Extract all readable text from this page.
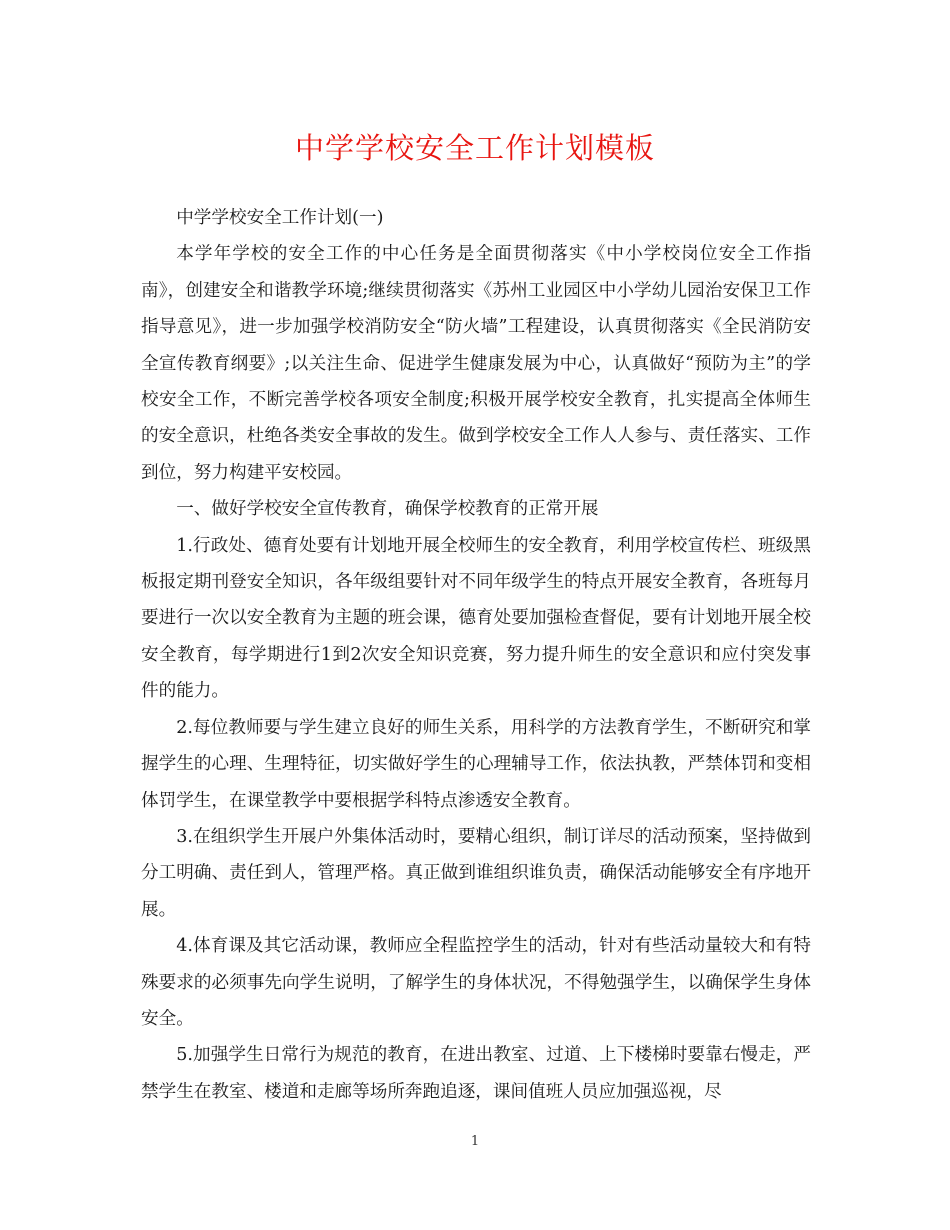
中学学校安全工作计划模板

中学学校安全工作计划(一)

本学年学校的安全工作的中心任务是全面贯彻落实《中小学校岗位安全工作指南》，创建安全和谐教学环境;继续贯彻落实《苏州工业园区中小学幼儿园治安保卫工作指导意见》，进一步加强学校消防安全“防火墙”工程建设，认真贯彻落实《全民消防安全宣传教育纲要》;以关注生命、促进学生健康发展为中心，认真做好“预防为主”的学校安全工作，不断完善学校各项安全制度;积极开展学校安全教育，扎实提高全体师生的安全意识，杜绝各类安全事故的发生。做到学校安全工作人人参与、责任落实、工作到位，努力构建平安校园。

一、做好学校安全宣传教育，确保学校教育的正常开展

1.行政处、德育处要有计划地开展全校师生的安全教育，利用学校宣传栏、班级黑板报定期刊登安全知识，各年级组要针对不同年级学生的特点开展安全教育，各班每月要进行一次以安全教育为主题的班会课，德育处要加强检查督促，要有计划地开展全校安全教育，每学期进行1到2次安全知识竞赛，努力提升师生的安全意识和应付突发事件的能力。

2.每位教师要与学生建立良好的师生关系，用科学的方法教育学生，不断研究和掌握学生的心理、生理特征，切实做好学生的心理辅导工作，依法执教，严禁体罚和变相体罚学生，在课堂教学中要根据学科特点渗透安全教育。

3.在组织学生开展户外集体活动时，要精心组织，制订详尽的活动预案，坚持做到分工明确、责任到人，管理严格。真正做到谁组织谁负责，确保活动能够安全有序地开展。

4.体育课及其它活动课，教师应全程监控学生的活动，针对有些活动量较大和有特殊要求的必须事先向学生说明，了解学生的身体状况，不得勉强学生，以确保学生身体安全。

5.加强学生日常行为规范的教育，在进出教室、过道、上下楼梯时要靠右慢走，严禁学生在教室、楼道和走廊等场所奔跑追逐，课间值班人员应加强巡视，尽

1
